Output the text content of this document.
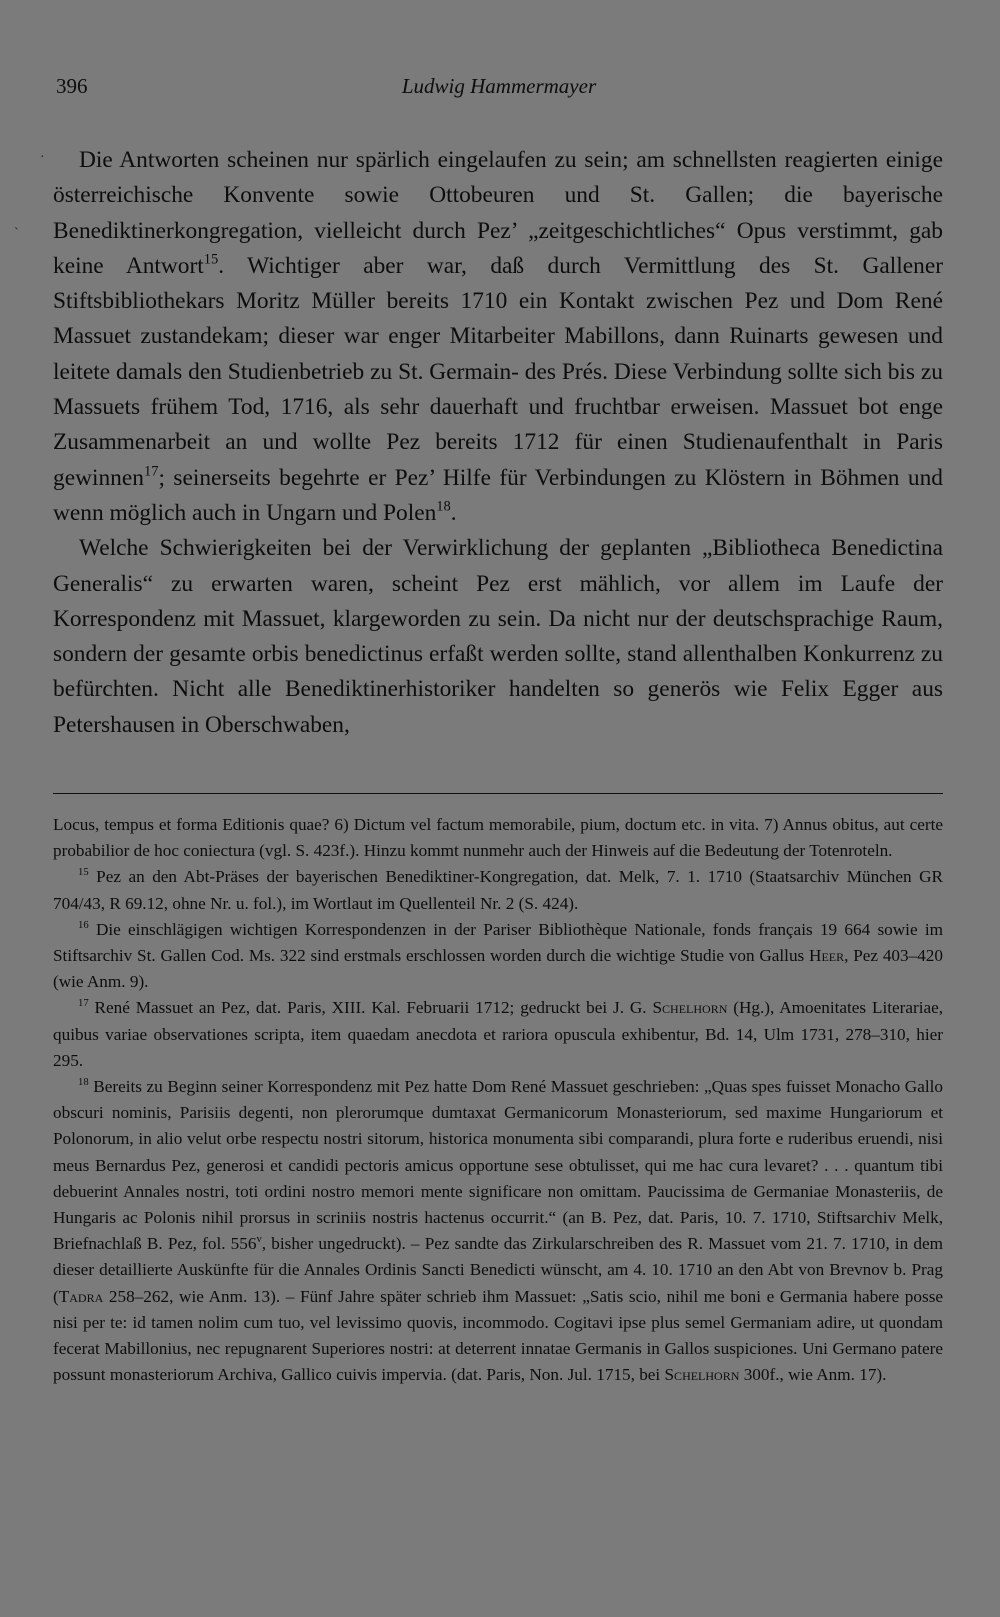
396	Ludwig Hammermayer
·
`

Die Antworten scheinen nur spärlich eingelaufen zu sein; am schnellsten reagierten einige österreichische Konvente sowie Ottobeuren und St. Gallen; die bayerische Benediktinerkongregation, vielleicht durch Pez’ „zeitgeschichtliches“ Opus verstimmt, gab keine Antwort$^{15}$. Wichtiger aber war, daß durch Vermittlung des St. Gallener Stiftsbibliothekars Moritz Müller bereits 1710 ein Kontakt zwischen Pez und Dom René Massuet zustandekam; dieser war enger Mitarbeiter Mabillons, dann Ruinarts gewesen und leitete damals den Studienbetrieb zu St. Germain- des Prés. Diese Verbindung sollte sich bis zu Massuets frühem Tod, 1716, als sehr dauerhaft und fruchtbar erweisen. Massuet bot enge Zusammenarbeit an und wollte Pez bereits 1712 für einen Studienaufenthalt in Paris gewinnen$^{17}$; seinerseits begehrte er Pez’ Hilfe für Verbindungen zu Klöstern in Böhmen und wenn möglich auch in Ungarn und Polen$^{18}$.

Welche Schwierigkeiten bei der Verwirklichung der geplanten „Bibliotheca Benedictina Generalis“ zu erwarten waren, scheint Pez erst mählich, vor allem im Laufe der Korrespondenz mit Massuet, klargeworden zu sein. Da nicht nur der deutschsprachige Raum, sondern der gesamte orbis benedictinus erfaßt werden sollte, stand allenthalben Konkurrenz zu befürchten. Nicht alle Benediktinerhistoriker handelten so generös wie Felix Egger aus Petershausen in Oberschwaben,

Locus, tempus et forma Editionis quae? 6) Dictum vel factum memorabile, pium, doctum etc. in vita. 7) Annus obitus, aut certe probabilior de hoc coniectura (vgl. S. 423f.). Hinzu kommt nunmehr auch der Hinweis auf die Bedeutung der Totenroteln.

$^{15}$ Pez an den Abt-Präses der bayerischen Benediktiner-Kongregation, dat. Melk, 7. 1. 1710 (Staatsarchiv München GR 704/43, R 69.12, ohne Nr. u. fol.), im Wortlaut im Quellenteil Nr. 2 (S. 424).

$^{16}$ Die einschlägigen wichtigen Korrespondenzen in der Pariser Bibliothèque Nationale, fonds français 19 664 sowie im Stiftsarchiv St. Gallen Cod. Ms. 322 sind erstmals erschlossen worden durch die wichtige Studie von Gallus Heer, Pez 403–420 (wie Anm. 9).

$^{17}$ René Massuet an Pez, dat. Paris, XIII. Kal. Februarii 1712; gedruckt bei J. G. Schelhorn (Hg.), Amoenitates Literariae, quibus variae observationes scripta, item quaedam anecdota et rariora opuscula exhibentur, Bd. 14, Ulm 1731, 278–310, hier 295.

$^{18}$ Bereits zu Beginn seiner Korrespondenz mit Pez hatte Dom René Massuet geschrieben: „Quas spes fuisset Monacho Gallo obscuri nominis, Parisiis degenti, non plerorumque dumtaxat Germanicorum Monasteriorum, sed maxime Hungariorum et Polonorum, in alio velut orbe respectu nostri sitorum, historica monumenta sibi comparandi, plura forte e ruderibus eruendi, nisi meus Bernardus Pez, generosi et candidi pectoris amicus opportune sese obtulisset, qui me hac cura levaret? . . . quantum tibi debuerint Annales nostri, toti ordini nostro memori mente significare non omittam. Paucissima de Germaniae Monasteriis, de Hungaris ac Polonis nihil prorsus in scriniis nostris hactenus occurrit.“ (an B. Pez, dat. Paris, 10. 7. 1710, Stiftsarchiv Melk, Briefnachlaß B. Pez, fol. 556$^v$, bisher ungedruckt). – Pez sandte das Zirkularschreiben des R. Massuet vom 21. 7. 1710, in dem dieser detaillierte Auskünfte für die Annales Ordinis Sancti Benedicti wünscht, am 4. 10. 1710 an den Abt von Brevnov b. Prag (Tadra 258–262, wie Anm. 13). – Fünf Jahre später schrieb ihm Massuet: „Satis scio, nihil me boni e Germania habere posse nisi per te: id tamen nolim cum tuo, vel levissimo quovis, incommodo. Cogitavi ipse plus semel Germaniam adire, ut quondam fecerat Mabillonius, nec repugnarent Superiores nostri: at deterrent innatae Germanis in Gallos suspiciones. Uni Germano patere possunt monasteriorum Archiva, Gallico cuivis impervia. (dat. Paris, Non. Jul. 1715, bei Schelhorn 300f., wie Anm. 17).
